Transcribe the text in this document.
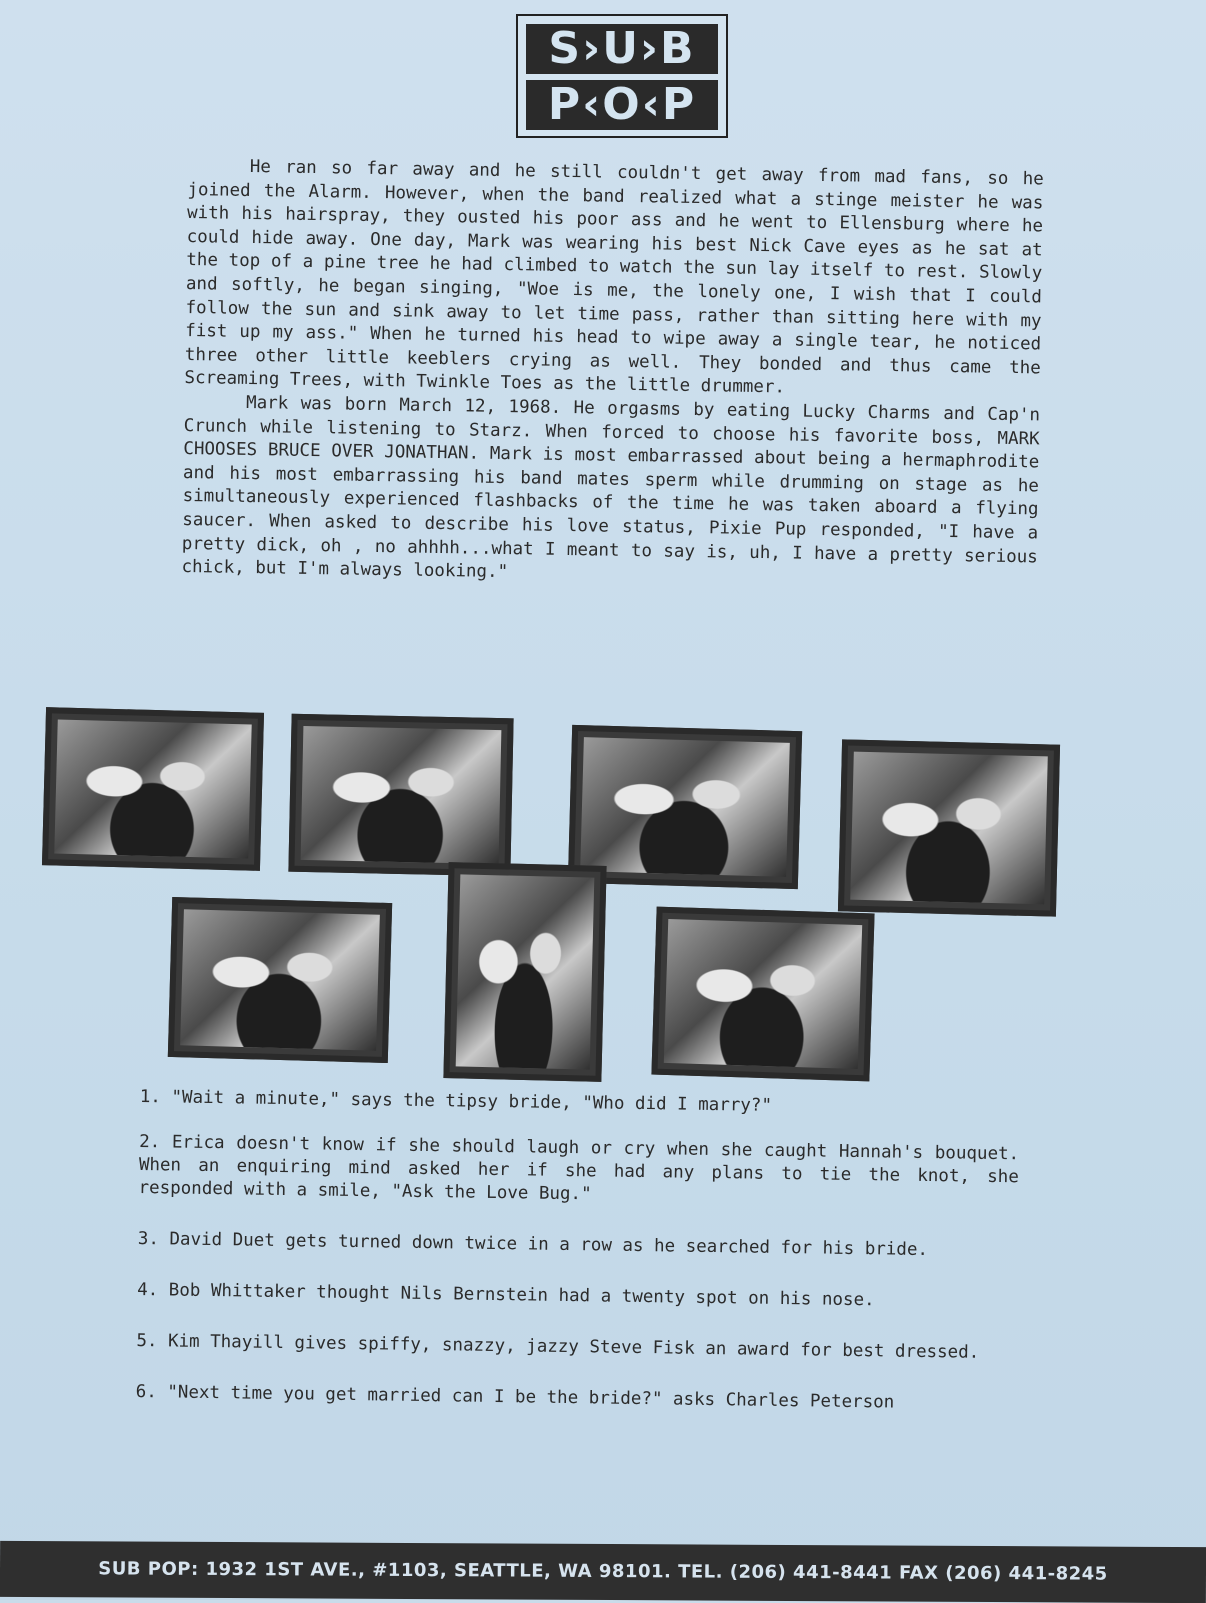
S›U›B
P‹O‹P

He ran so far away and he still couldn't get away from mad fans, so he joined the Alarm. However, when the band realized what a stinge meister he was with his hairspray, they ousted his poor ass and he went to Ellensburg where he could hide away. One day, Mark was wearing his best Nick Cave eyes as he sat at the top of a pine tree he had climbed to watch the sun lay itself to rest. Slowly and softly, he began singing, "Woe is me, the lonely one, I wish that I could follow the sun and sink away to let time pass, rather than sitting here with my fist up my ass." When he turned his head to wipe away a single tear, he noticed three other little keeblers crying as well. They bonded and thus came the Screaming Trees, with Twinkle Toes as the little drummer.

Mark was born March 12, 1968. He orgasms by eating Lucky Charms and Cap'n Crunch while listening to Starz. When forced to choose his favorite boss, MARK CHOOSES BRUCE OVER JONATHAN. Mark is most embarrassed about being a hermaphrodite and his most embarrassing his band mates sperm while drumming on stage as he simultaneously experienced flashbacks of the time he was taken aboard a flying saucer. When asked to describe his love status, Pixie Pup responded, "I have a pretty dick, oh , no ahhhh...what I meant to say is, uh, I have a pretty serious chick, but I'm always looking."

1. "Wait a minute," says the tipsy bride, "Who did I marry?"

2. Erica doesn't know if she should laugh or cry when she caught Hannah's bouquet. When an enquiring mind asked her if she had any plans to tie the knot, she responded with a smile, "Ask the Love Bug."

3. David Duet gets turned down twice in a row as he searched for his bride.

4. Bob Whittaker thought Nils Bernstein had a twenty spot on his nose.

5. Kim Thayill gives spiffy, snazzy, jazzy Steve Fisk an award for best dressed.

6. "Next time you get married can I be the bride?" asks Charles Peterson

SUB POP: 1932 1ST AVE., #1103, SEATTLE, WA 98101. TEL. (206) 441-8441 FAX (206) 441-8245
